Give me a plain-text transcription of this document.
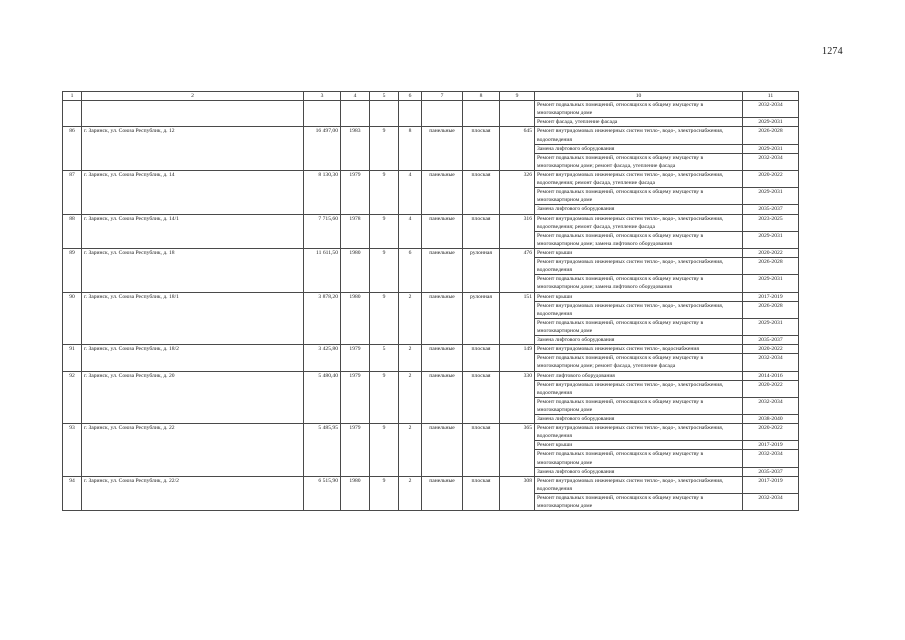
1274
1	2	3	4	5	6	7	8	9	10	11
									Ремонт подвальных помещений, относящихся к общему имуществу в многоквартирном доме	2032-2034
									Ремонт фасада, утепление фасада	2029-2031
86	г. Заринск, ул. Союза Республик, д. 12	16 497,00	1983	9	8	панельные	плоская	645	Ремонт внутридомовых инженерных систем тепло-, водо-, электроснабжения, водоотведения	2026-2028
									Замена лифтового оборудования	2029-2031
									Ремонт подвальных помещений, относящихся к общему имуществу в многоквартирном доме; ремонт фасада, утепление фасада	2032-2034
87	г. Заринск, ул. Союза Республик, д. 14	8 130,30	1979	9	4	панельные	плоская	326	Ремонт внутридомовых инженерных систем тепло-, водо-, электроснабжения, водоотведения; ремонт фасада, утепление фасада	2020-2022
									Ремонт подвальных помещений, относящихся к общему имуществу в многоквартирном доме	2029-2031
									Замена лифтового оборудования	2035-2037
88	г. Заринск, ул. Союза Республик, д. 14/1	7 715,60	1978	9	4	панельные	плоская	316	Ремонт внутридомовых инженерных систем тепло-, водо-, электроснабжения, водоотведения; ремонт фасада, утепление фасада	2023-2025
									Ремонт подвальных помещений, относящихся к общему имуществу в многоквартирном доме; замена лифтового оборудования	2029-2031
89	г. Заринск, ул. Союза Республик, д. 18	11 611,50	1980	9	6	панельные	рулонная	476	Ремонт крыши	2020-2022
									Ремонт внутридомовых инженерных систем тепло-, водо-, электроснабжения, водоотведения	2026-2028
									Ремонт подвальных помещений, относящихся к общему имуществу в многоквартирном доме; замена лифтового оборудования	2029-2031
90	г. Заринск, ул. Союза Республик, д. 18/1	3 878,20	1980	9	2	панельные	рулонная	151	Ремонт крыши	2017-2019
									Ремонт внутридомовых инженерных систем тепло-, водо-, электроснабжения, водоотведения	2026-2028
									Ремонт подвальных помещений, относящихся к общему имуществу в многоквартирном доме	2029-2031
									Замена лифтового оборудования	2035-2037
91	г. Заринск, ул. Союза Республик, д. 18/2	3 425,80	1979	5	2	панельные	плоская	149	Ремонт внутридомовых инженерных систем тепло-, водоснабжения	2020-2022
									Ремонт подвальных помещений, относящихся к общему имуществу в многоквартирном доме; ремонт фасада, утепление фасада	2032-2034
92	г. Заринск, ул. Союза Республик, д. 20	5 480,40	1979	9	2	панельные	плоская	330	Ремонт лифтового оборудования	2014-2016
									Ремонт внутридомовых инженерных систем тепло-, водо-, электроснабжения, водоотведения	2020-2022
									Ремонт подвальных помещений, относящихся к общему имуществу в многоквартирном доме	2032-2034
									Замена лифтового оборудования	2038-2040
93	г. Заринск, ул. Союза Республик, д. 22	5 485,95	1979	9	2	панельные	плоская	365	Ремонт внутридомовых инженерных систем тепло-, водо-, электроснабжения, водоотведения	2020-2022
									Ремонт крыши	2017-2019
									Ремонт подвальных помещений, относящихся к общему имуществу в многоквартирном доме	2032-2034
									Замена лифтового оборудования	2035-2037
94	г. Заринск, ул. Союза Республик, д. 22/2	6 515,90	1980	9	2	панельные	плоская	308	Ремонт внутридомовых инженерных систем тепло-, водо-, электроснабжения, водоотведения	2017-2019
									Ремонт подвальных помещений, относящихся к общему имуществу в многоквартирном доме	2032-2034
